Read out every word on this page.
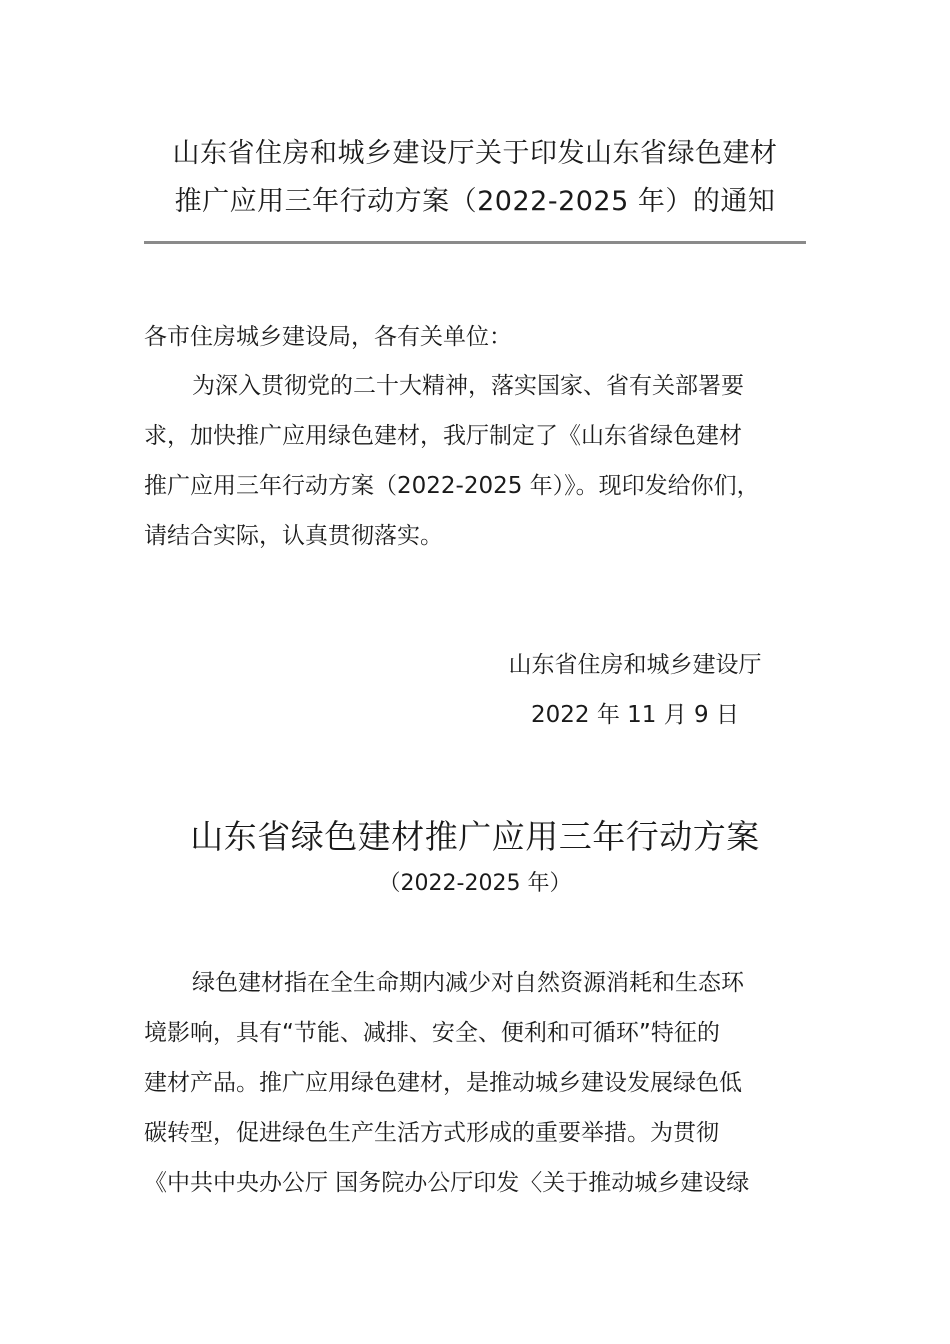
山东省住房和城乡建设厅关于印发山东省绿色建材
推广应用三年行动方案（2022-2025 年）的通知
各市住房城乡建设局，各有关单位：
为深入贯彻党的二十大精神，落实国家、省有关部署要
求，加快推广应用绿色建材，我厅制定了《山东省绿色建材
推广应用三年行动方案（2022-2025 年）》。现印发给你们，
请结合实际，认真贯彻落实。
山东省住房和城乡建设厅
2022 年 11 月 9 日
山东省绿色建材推广应用三年行动方案
（2022-2025 年）
绿色建材指在全生命期内减少对自然资源消耗和生态环
境影响，具有“节能、减排、安全、便利和可循环”特征的
建材产品。推广应用绿色建材，是推动城乡建设发展绿色低
碳转型，促进绿色生产生活方式形成的重要举措。为贯彻
《中共中央办公厅 国务院办公厅印发〈关于推动城乡建设绿
